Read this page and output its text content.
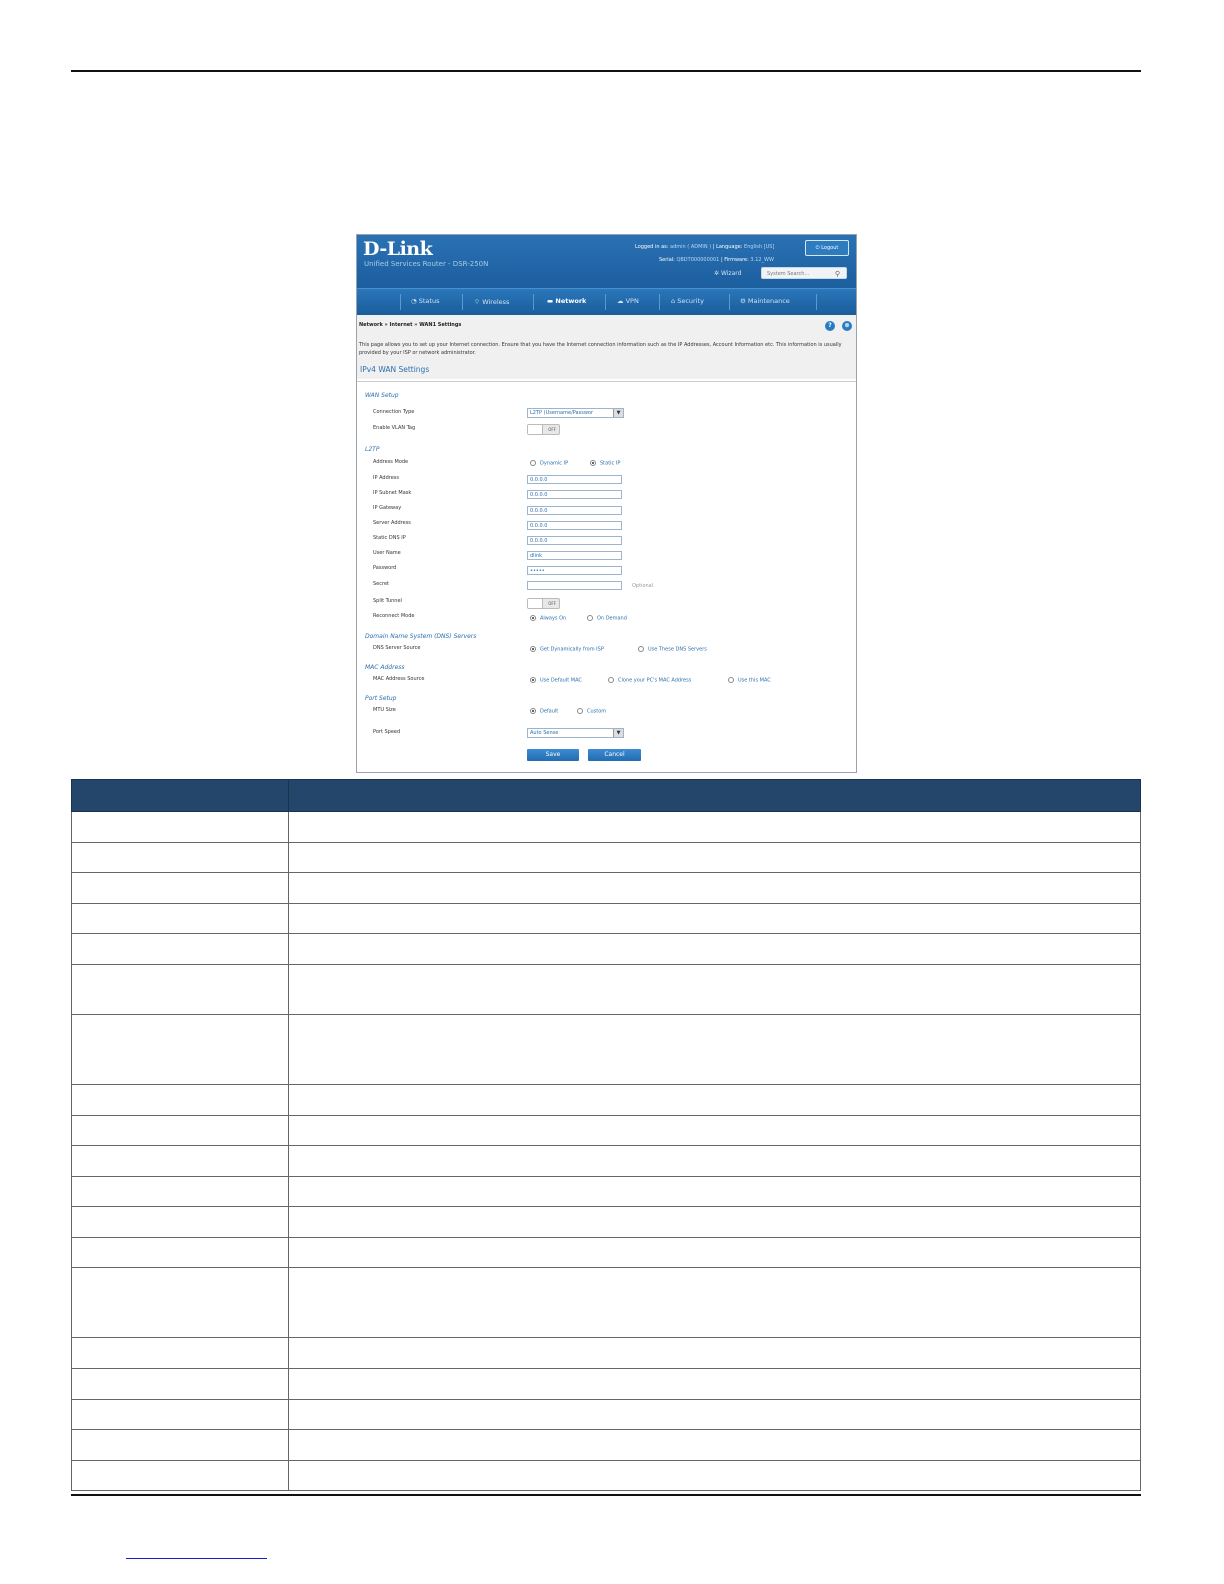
D-Link
Unified Services Router - DSR-250N
Logged in as: admin ( ADMIN ) | Language: English [US]
Serial: QBDT000000001 | Firmware: 3.12_WW
⏻ Logout
✲ Wizard	System Search...	⚲
◔ Status	⌔ Wireless	▬ Network	☁ VPN	⌂ Security	⚙ Maintenance
Network » Internet » WAN1 Settings	?	⊗
This page allows you to set up your Internet connection. Ensure that you have the Internet connection information such as the IP Addresses, Account Information etc. This information is usually provided by your ISP or network administrator.
IPv4 WAN Settings
WAN Setup
Connection Type	L2TP (Username/Passwor	▼
Enable VLAN Tag	OFF
L2TP
Address Mode	Dynamic IP	Static IP
IP Address	0.0.0.0
IP Subnet Mask	0.0.0.0
IP Gateway	0.0.0.0
Server Address	0.0.0.0
Static DNS IP	0.0.0.0
User Name	dlink
Password	•••••
Secret	Optional
Split Tunnel	OFF
Reconnect Mode	Always On	On Demand
Domain Name System (DNS) Servers
DNS Server Source	Get Dynamically from ISP	Use These DNS Servers
MAC Address
MAC Address Source	Use Default MAC	Clone your PC's MAC Address	Use this MAC
Port Setup
MTU Size	Default	Custom
Port Speed	Auto Sense	▼
Save	Cancel
